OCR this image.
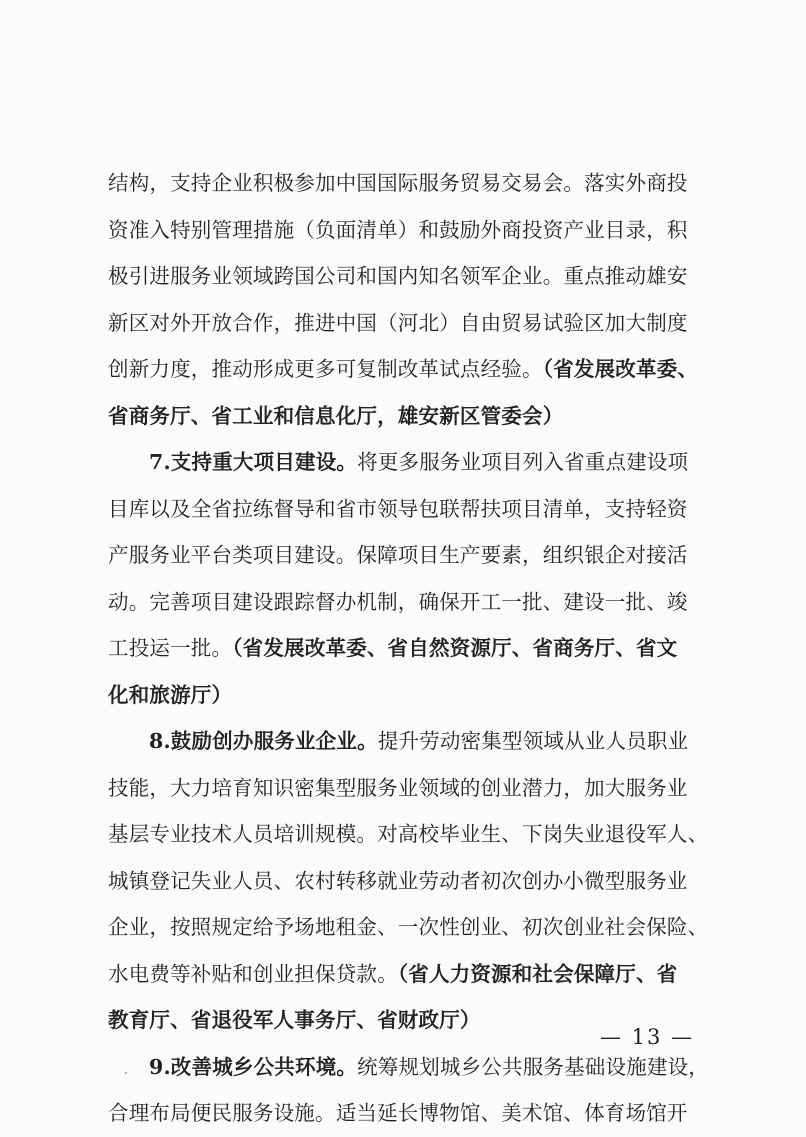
结构，支持企业积极参加中国国际服务贸易交易会。落实外商投
资准入特别管理措施（负面清单）和鼓励外商投资产业目录，积
极引进服务业领域跨国公司和国内知名领军企业。重点推动雄安
新区对外开放合作，推进中国（河北）自由贸易试验区加大制度
创新力度，推动形成更多可复制改革试点经验。（省发展改革委、
省商务厅、省工业和信息化厅，雄安新区管委会）
7.支持重大项目建设。将更多服务业项目列入省重点建设项
目库以及全省拉练督导和省市领导包联帮扶项目清单，支持轻资
产服务业平台类项目建设。保障项目生产要素，组织银企对接活
动。完善项目建设跟踪督办机制，确保开工一批、建设一批、竣
工投运一批。（省发展改革委、省自然资源厅、省商务厅、省文
化和旅游厅）
8.鼓励创办服务业企业。提升劳动密集型领域从业人员职业
技能，大力培育知识密集型服务业领域的创业潜力，加大服务业
基层专业技术人员培训规模。对高校毕业生、下岗失业退役军人、
城镇登记失业人员、农村转移就业劳动者初次创办小微型服务业
企业，按照规定给予场地租金、一次性创业、初次创业社会保险、
水电费等补贴和创业担保贷款。（省人力资源和社会保障厅、省
教育厅、省退役军人事务厅、省财政厅）
9.改善城乡公共环境。统筹规划城乡公共服务基础设施建设，
合理布局便民服务设施。适当延长博物馆、美术馆、体育场馆开
— 13 —
